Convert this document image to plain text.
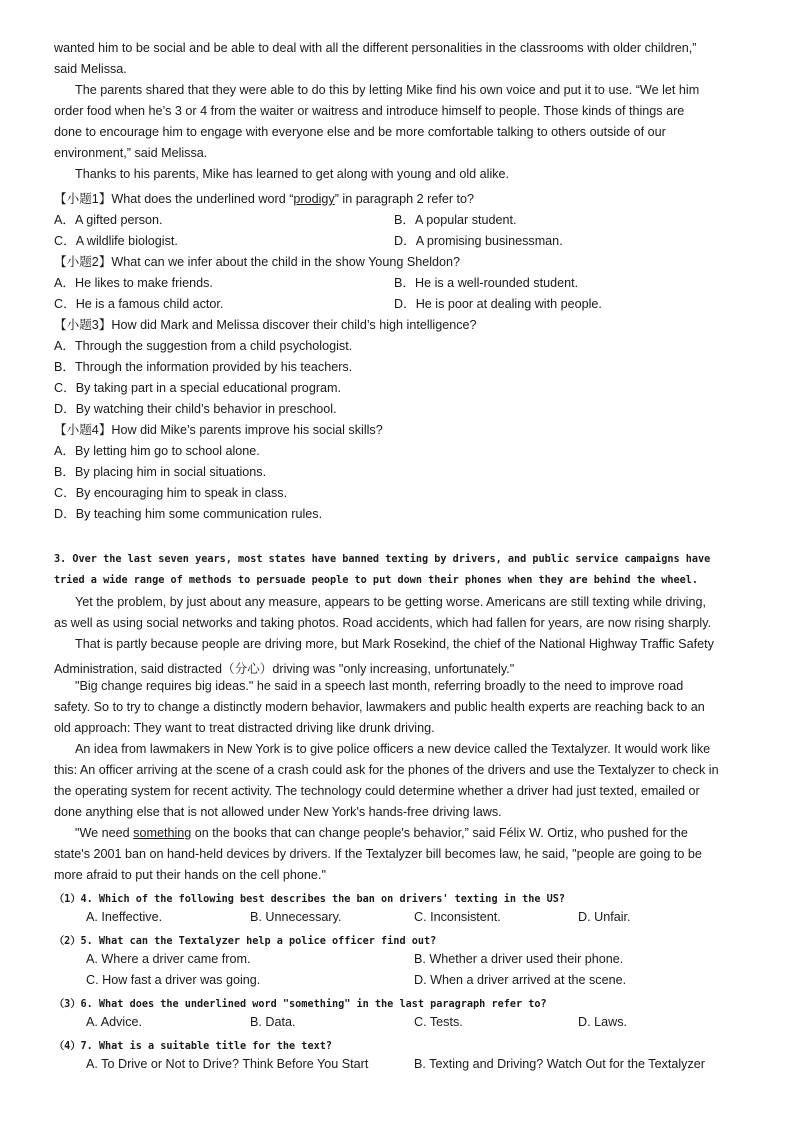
wanted him to be social and be able to deal with all the different personalities in the classrooms with older children,”
said Melissa.
The parents shared that they were able to do this by letting Mike find his own voice and put it to use. “We let him
order food when he’s 3 or 4 from the waiter or waitress and introduce himself to people. Those kinds of things are
done to encourage him to engage with everyone else and be more comfortable talking to others outside of our
environment,” said Melissa.
Thanks to his parents, Mike has learned to get along with young and old alike.
【小题1】What does the underlined word “prodigy” in paragraph 2 refer to?
A．A gifted person.	B．A popular student.
C．A wildlife biologist.	D．A promising businessman.
【小题2】What can we infer about the child in the show Young Sheldon?
A．He likes to make friends.	B．He is a well-rounded student.
C．He is a famous child actor.	D．He is poor at dealing with people.
【小题3】How did Mark and Melissa discover their child’s high intelligence?
A．Through the suggestion from a child psychologist.
B．Through the information provided by his teachers.
C．By taking part in a special educational program.
D．By watching their child’s behavior in preschool.
【小题4】How did Mike’s parents improve his social skills?
A．By letting him go to school alone.
B．By placing him in social situations.
C．By encouraging him to speak in class.
D．By teaching him some communication rules.
3. Over the last seven years, most states have banned texting by drivers, and public service campaigns have
tried a wide range of methods to persuade people to put down their phones when they are behind the wheel.
Yet the problem, by just about any measure, appears to be getting worse. Americans are still texting while driving,
as well as using social networks and taking photos. Road accidents, which had fallen for years, are now rising sharply.
That is partly because people are driving more, but Mark Rosekind, the chief of the National Highway Traffic Safety
Administration, said distracted（分心）driving was "only increasing, unfortunately."
"Big change requires big ideas." he said in a speech last month, referring broadly to the need to improve road
safety. So to try to change a distinctly modern behavior, lawmakers and public health experts are reaching back to an
old approach: They want to treat distracted driving like drunk driving.
An idea from lawmakers in New York is to give police officers a new device called the Textalyzer. It would work like
this: An officer arriving at the scene of a crash could ask for the phones of the drivers and use the Textalyzer to check in
the operating system for recent activity. The technology could determine whether a driver had just texted, emailed or
done anything else that is not allowed under New York's hands-free driving laws.
"We need something on the books that can change people's behavior,” said Félix W. Ortiz, who pushed for the
state's 2001 ban on hand-held devices by drivers. If the Textalyzer bill becomes law, he said, "people are going to be
more afraid to put their hands on the cell phone."
（1）4. Which of the following best describes the ban on drivers' texting in the US?
A. Ineffective.	B. Unnecessary.	C. Inconsistent.	D. Unfair.
（2）5. What can the Textalyzer help a police officer find out?
A. Where a driver came from.	B. Whether a driver used their phone.
C. How fast a driver was going.	D. When a driver arrived at the scene.
（3）6. What does the underlined word "something" in the last paragraph refer to?
A. Advice.	B. Data.	C. Tests.	D. Laws.
（4）7. What is a suitable title for the text?
A. To Drive or Not to Drive? Think Before You Start	B. Texting and Driving? Watch Out for the Textalyzer
